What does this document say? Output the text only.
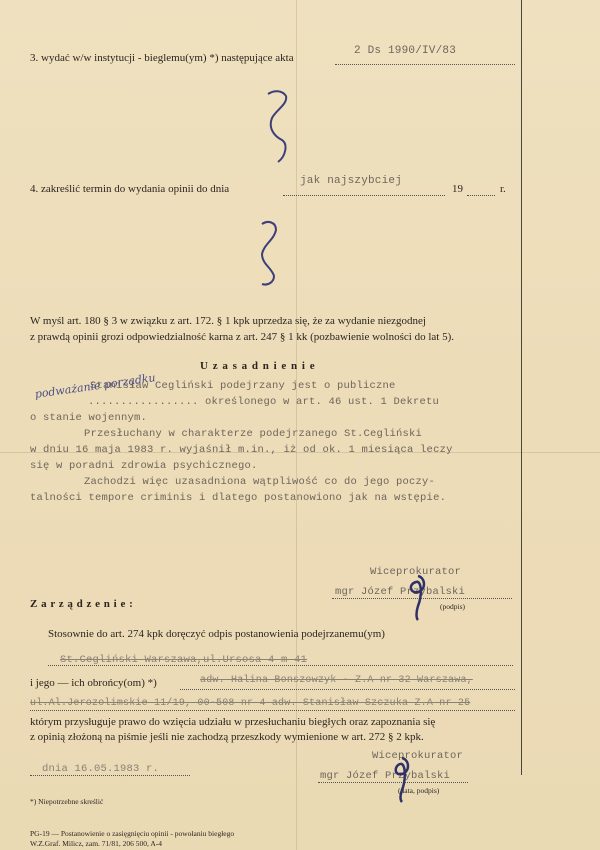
3. wydać w/w instytucji - bieglemu(ym) *) następujące akta
2 Ds 1990/IV/83
4. zakreślić termin do wydania opinii do dnia
jak najszybciej
19	r.
W myśl art. 180 § 3 w związku z art. 172. § 1 kpk uprzedza się, że za wydanie niezgodnej
z prawdą opinii grozi odpowiedzialność karna z art. 247 § 1 kk (pozbawienie wolności do lat 5).
U z a s a d n i e n i e
Stanisław Cegliński podejrzany jest o publiczne
................. określonego w art. 46 ust. 1 Dekretu
podważanie porządku
o stanie wojennym.
Przesłuchany w charakterze podejrzanego St.Cegliński
w dniu 16 maja 1983 r. wyjaśnił m.in., iż od ok. 1 miesiąca leczy
się w poradni zdrowia psychicznego.
Zachodzi więc uzasadniona wątpliwość co do jego poczy-
talności tempore criminis i dlatego postanowiono jak na wstępie.
Wiceprokurator
mgr Józef Przybalski
(podpis)
Z a r z ą d z e n i e :
Stosownie do art. 274 kpk doręczyć odpis postanowienia podejrzanemu(ym)
St.Cegliński Warszawa,ul.Ursosa 4 m 41
i jego — ich obrońcy(om) *)	adw. Halina Bonszowzyk - Z.A nr 32 Warszawa,
ul.Al.Jerozolimskie 11/19, 00-508 nr 4 adw. Stanisław Szczuka Z.A nr 25
którym przysługuje prawo do wzięcia udziału w przesłuchaniu biegłych oraz zapoznania się
z opinią złożoną na piśmie jeśli nie zachodzą przeszkody wymienione w art. 272 § 2 kpk.
Wiceprokurator
mgr Józef Przybalski
(data, podpis)
dnia 16.05.1983 r.
*) Niepotrzebne skreślić
PG-19 — Postanowienie o zasięgnięciu opinii - powołaniu biegłego
W.Z.Graf. Milicz, zam. 71/81, 206 500, A-4
